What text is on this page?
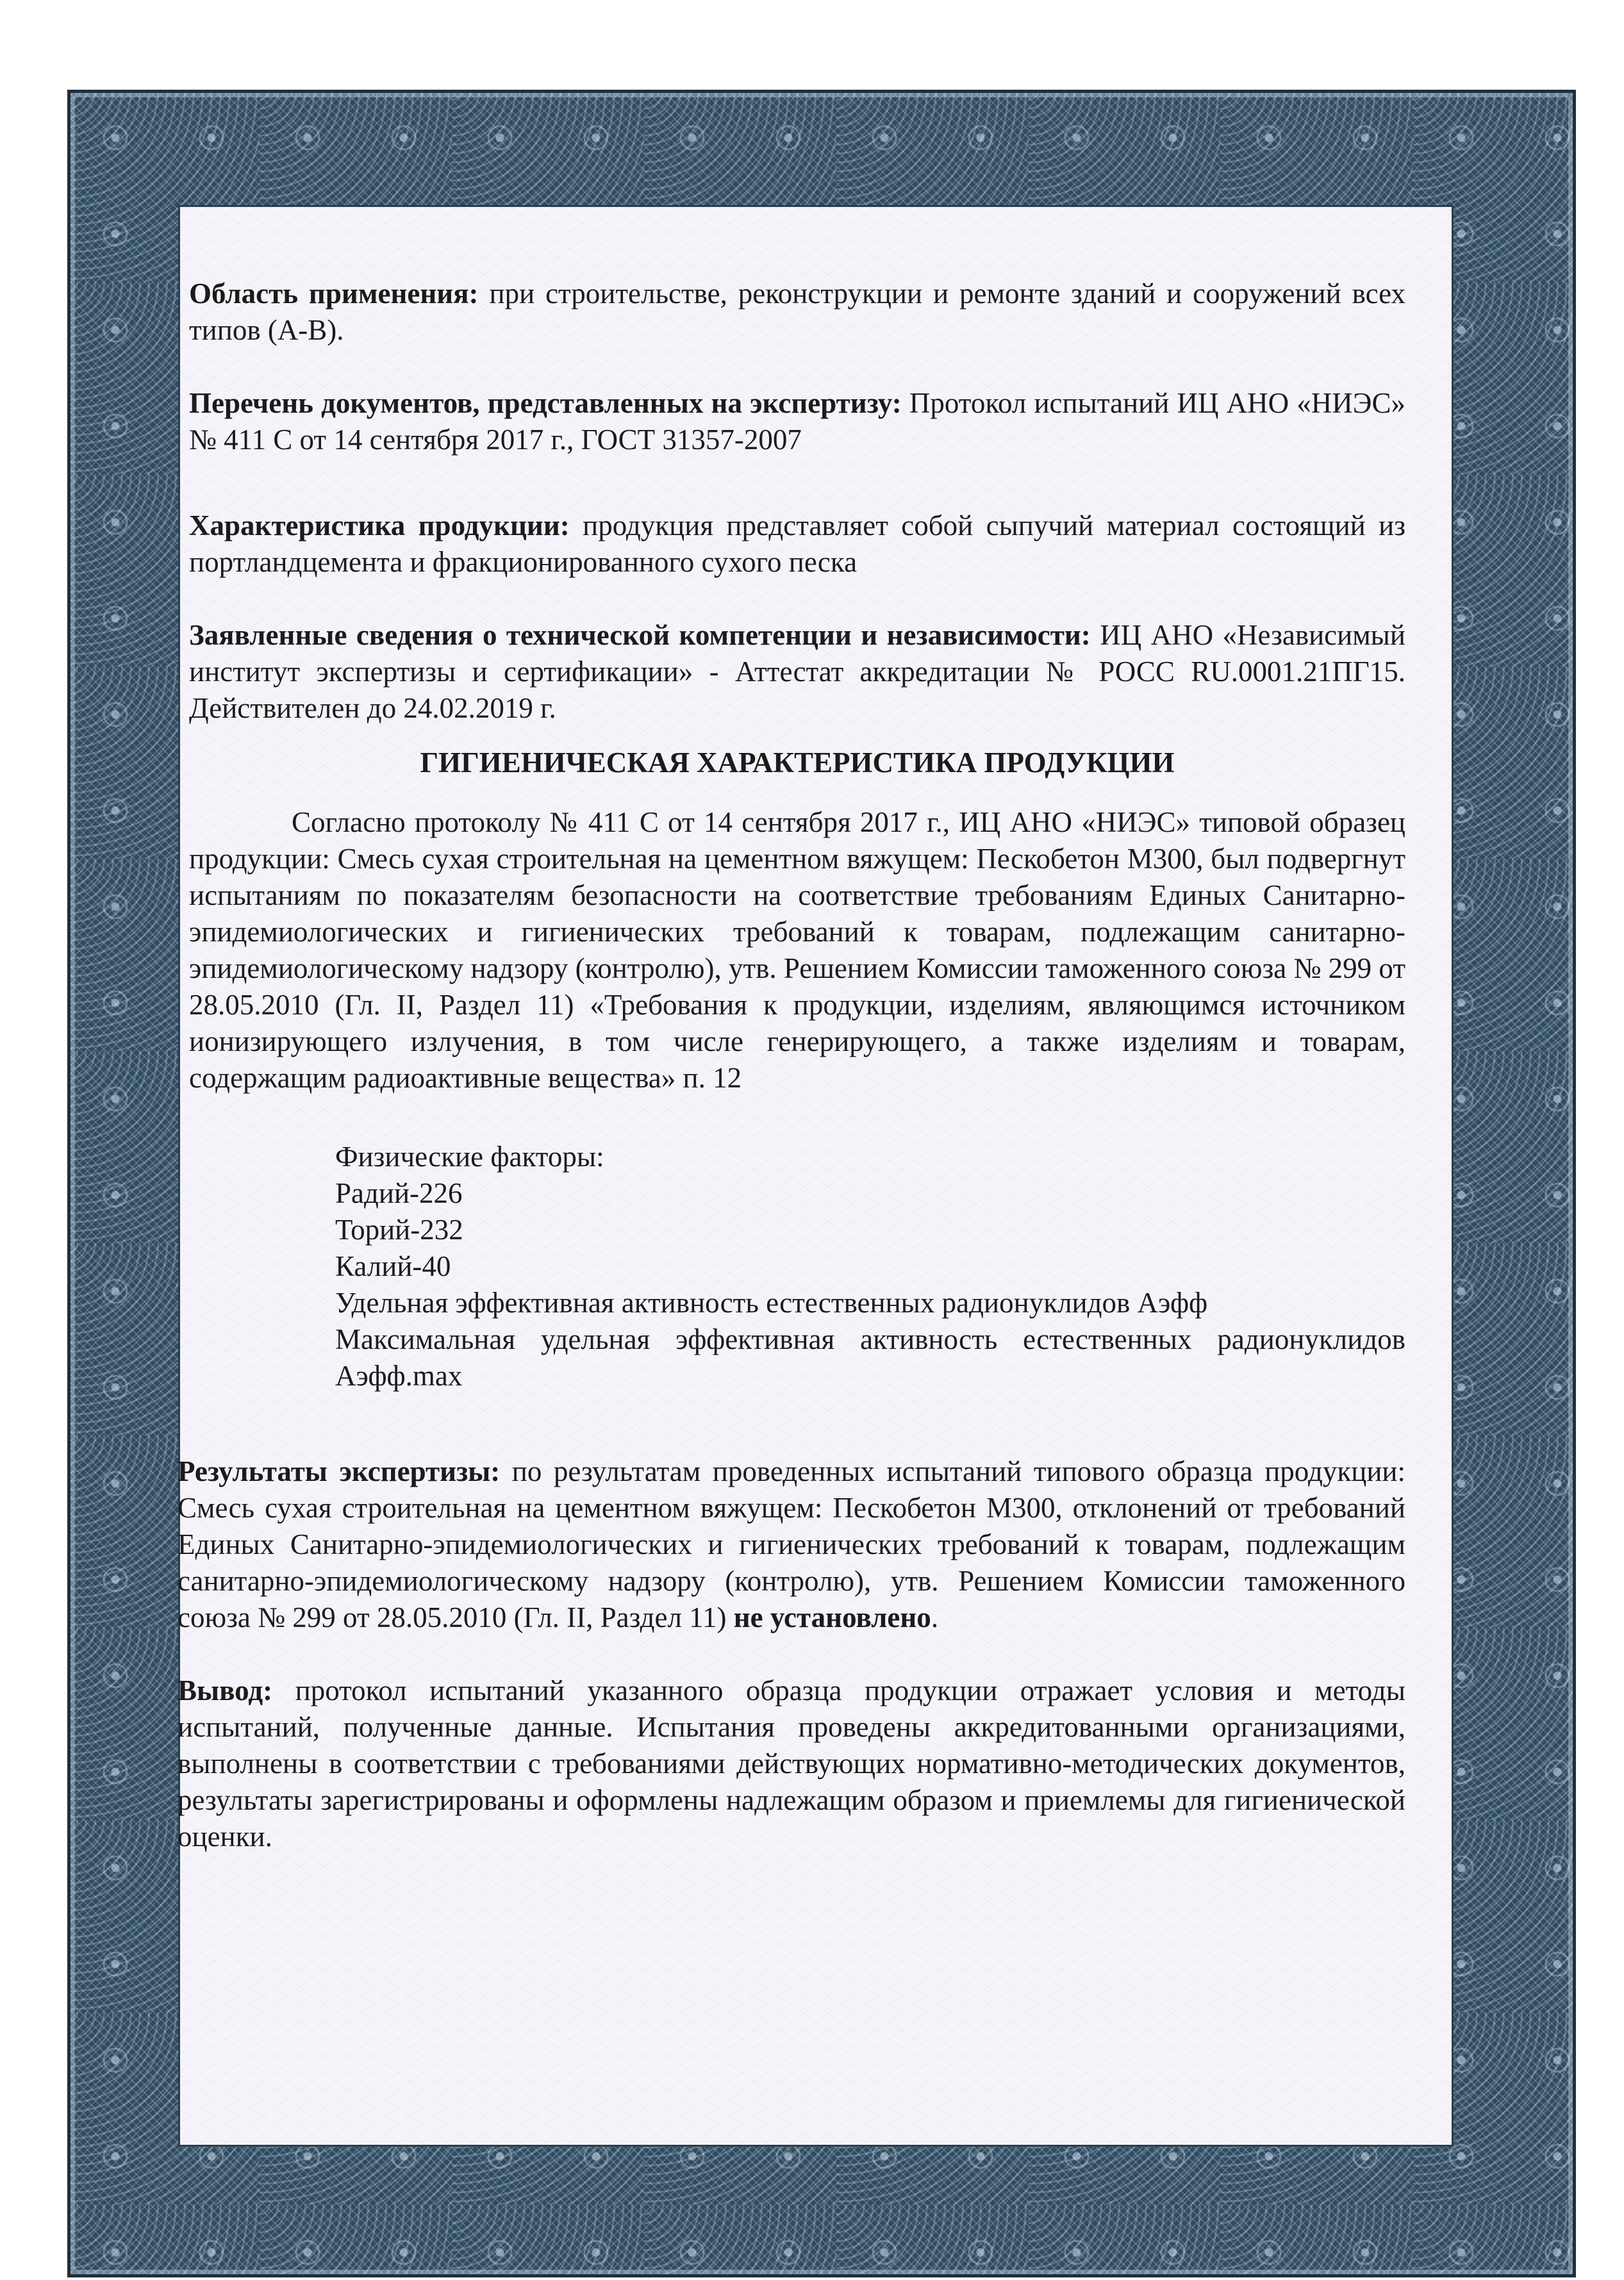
Область применения: при строительстве, реконструкции и ремонте зданий и сооружений всех типов (А-В).

Перечень документов, представленных на экспертизу: Протокол испытаний ИЦ АНО «НИЭС» № 411 С от 14 сентября 2017 г., ГОСТ 31357-2007

Характеристика продукции: продукция представляет собой сыпучий материал состоящий из портландцемента и фракционированного сухого песка

Заявленные сведения о технической компетенции и независимости: ИЦ АНО «Независимый институт экспертизы и сертификации» - Аттестат аккредитации № РОСС RU.0001.21ПГ15. Действителен до 24.02.2019 г.

ГИГИЕНИЧЕСКАЯ ХАРАКТЕРИСТИКА ПРОДУКЦИИ

Согласно протоколу № 411 С от 14 сентября 2017 г., ИЦ АНО «НИЭС» типовой образец продукции: Смесь сухая строительная на цементном вяжущем: Пескобетон М300, был подвергнут испытаниям по показателям безопасности на соответствие требованиям Единых Санитарно-эпидемиологических и гигиенических требований к товарам, подлежащим санитарно-эпидемиологическому надзору (контролю), утв. Решением Комиссии таможенного союза № 299 от 28.05.2010 (Гл. II, Раздел 11) «Требования к продукции, изделиям, являющимся источником ионизирующего излучения, в том числе генерирующего, а также изделиям и товарам, содержащим радиоактивные вещества» п. 12

Физические факторы:
Радий-226
Торий-232
Калий-40
Удельная эффективная активность естественных радионуклидов Аэфф
Максимальная удельная эффективная активность естественных радионуклидов Аэфф.max

Результаты экспертизы: по результатам проведенных испытаний типового образца продукции: Смесь сухая строительная на цементном вяжущем: Пескобетон М300, отклонений от требований Единых Санитарно-эпидемиологических и гигиенических требований к товарам, подлежащим санитарно-эпидемиологическому надзору (контролю), утв. Решением Комиссии таможенного союза № 299 от 28.05.2010 (Гл. II, Раздел 11) не установлено.

Вывод: протокол испытаний указанного образца продукции отражает условия и методы испытаний, полученные данные. Испытания проведены аккредитованными организациями, выполнены в соответствии с требованиями действующих нормативно-методических документов, результаты зарегистрированы и оформлены надлежащим образом и приемлемы для гигиенической оценки.
